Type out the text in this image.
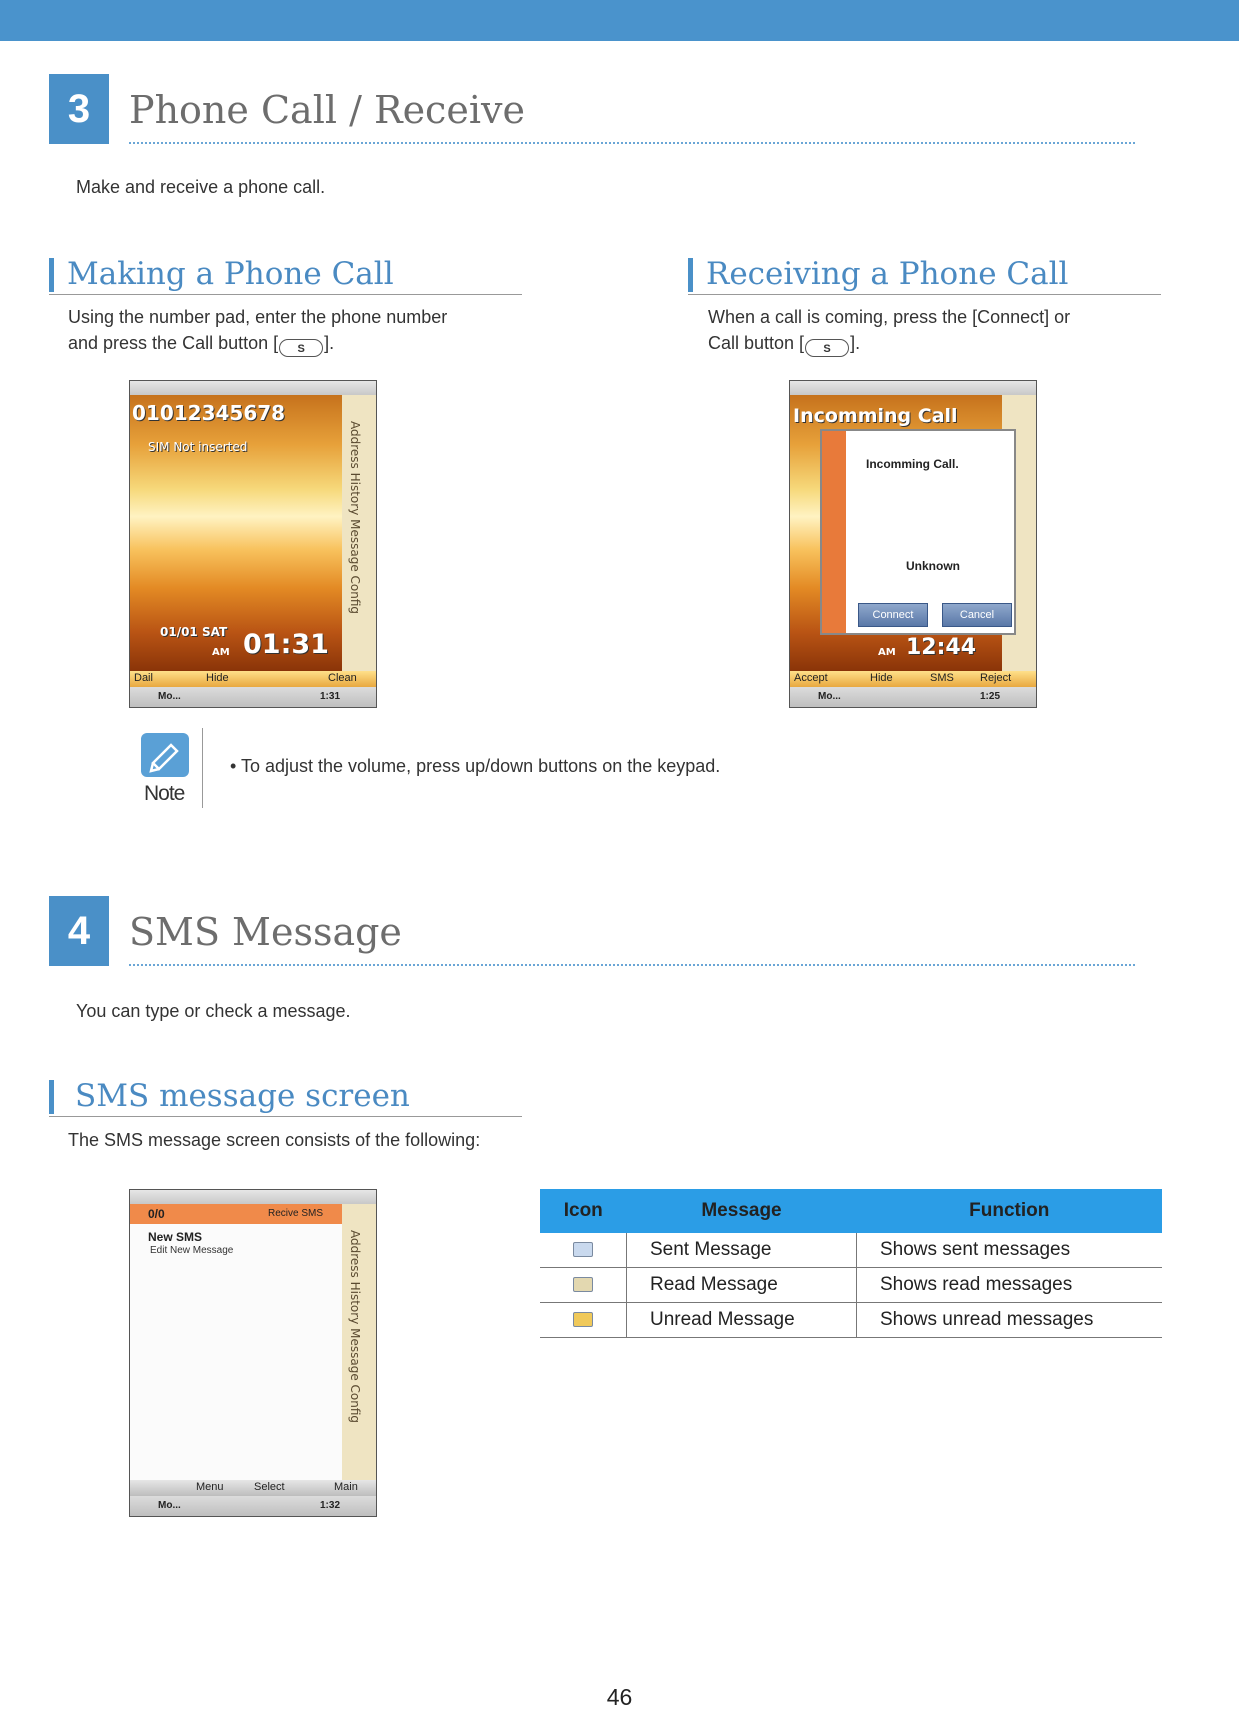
3	Phone Call / Receive
Make and receive a phone call.
Making a Phone Call
Using the number pad, enter the phone number
and press the Call button [ S ].
Address History Message Config
01012345678
SIM Not inserted
01/01 SAT
AM 01:31
Dail	Hide	Clean
Mo...	1:31
Receiving a Phone Call
When a call is coming, press the [Connect] or
Call button [ S ].
Incomming Call
Incomming Call.
Unknown
Connect	Cancel
AM 12:44
Accept	Hide	SMS Reject
Mo...	1:25
Note
• To adjust the volume, press up/down buttons on the keypad.
4	SMS Message
You can type or check a message.
SMS message screen
The SMS message screen consists of the following:
0/0	Recive SMS
New SMS
Edit New Message	Address History Message Config
Menu	Select	Main
Mo...	1:32
Icon	Message	Function
	Sent Message	Shows sent messages
	Read Message	Shows read messages
	Unread Message	Shows unread messages
46
